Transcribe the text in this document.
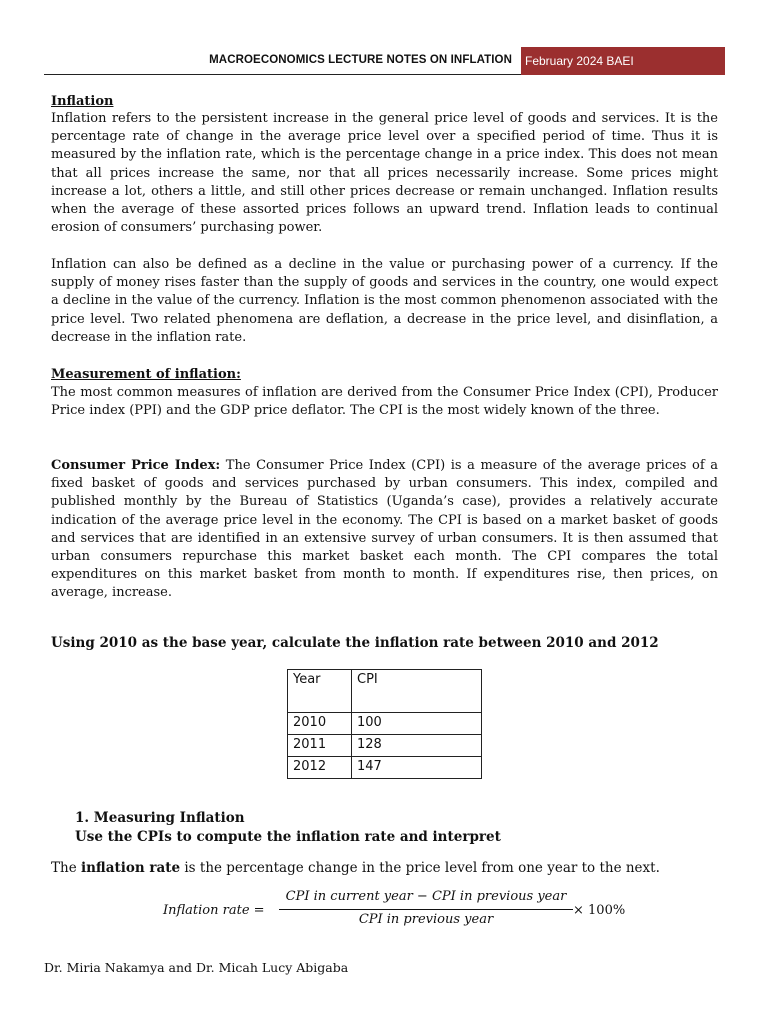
MACROECONOMICS LECTURE NOTES ON INFLATION	February 2024 BAEI
Inflation

Inflation refers to the persistent increase in the general price level of goods and services. It is the percentage rate of change in the average price level over a specified period of time. Thus it is measured by the inflation rate, which is the percentage change in a price index. This does not mean that all prices increase the same, nor that all prices necessarily increase. Some prices might increase a lot, others a little, and still other prices decrease or remain unchanged. Inflation results when the average of these assorted prices follows an upward trend. Inflation leads to continual erosion of consumers’ purchasing power.

Inflation can also be defined as a decline in the value or purchasing power of a currency. If the supply of money rises faster than the supply of goods and services in the country, one would expect a decline in the value of the currency. Inflation is the most common phenomenon associated with the price level. Two related phenomena are deflation, a decrease in the price level, and disinflation, a decrease in the inflation rate.

Measurement of inflation:

The most common measures of inflation are derived from the Consumer Price Index (CPI), Producer Price index (PPI) and the GDP price deflator. The CPI is the most widely known of the three.

Consumer Price Index: The Consumer Price Index (CPI) is a measure of the average prices of a fixed basket of goods and services purchased by urban consumers. This index, compiled and published monthly by the Bureau of Statistics (Uganda’s case), provides a relatively accurate indication of the average price level in the economy. The CPI is based on a market basket of goods and services that are identified in an extensive survey of urban consumers. It is then assumed that urban consumers repurchase this market basket each month. The CPI compares the total expenditures on this market basket from month to month. If expenditures rise, then prices, on average, increase.

Using 2010 as the base year, calculate the inflation rate between 2010 and 2012
Year	CPI
2010	100
2011	128
2012	147
1. Measuring Inflation
Use the CPIs to compute the inflation rate and interpret
The inflation rate is the percentage change in the price level from one year to the next.
Inflation rate =
CPI in current year − CPI in previous year
CPI in previous year
× 100%
Dr. Miria Nakamya and Dr. Micah Lucy Abigaba
